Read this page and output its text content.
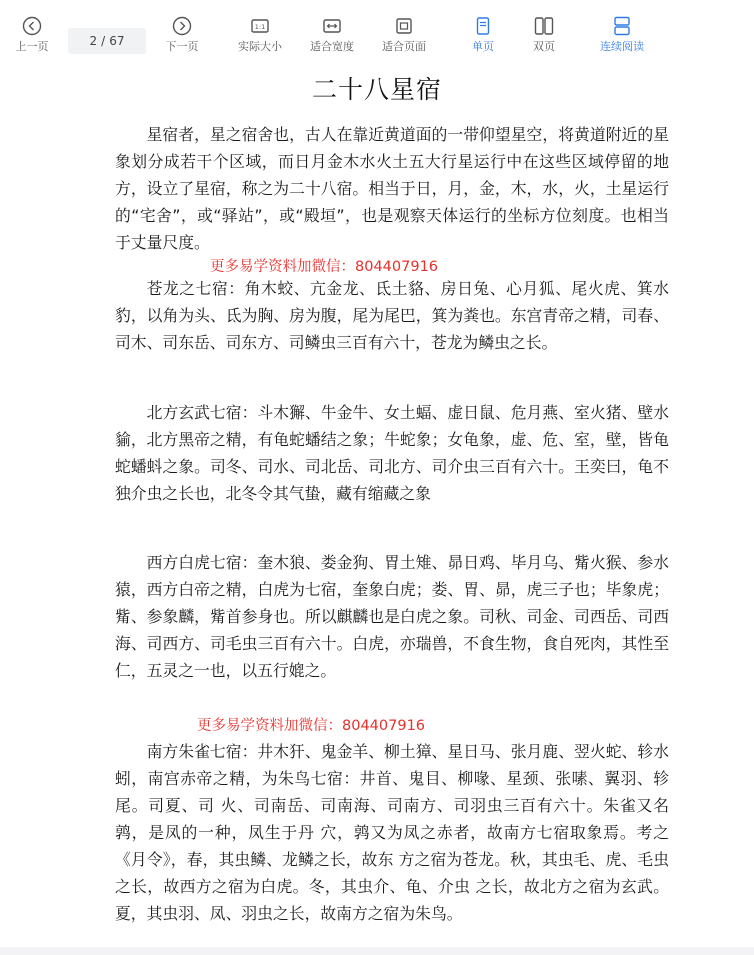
上一页	2 / 67	下一页
1:1
实际大小	适合宽度	适合页面	单页	双页	连续阅读
二十八星宿

星宿者，星之宿舍也，古人在靠近黄道面的一带仰望星空，将黄道附近的星象划分成若干个区域，而日月金木水火土五大行星运行中在这些区域停留的地方，设立了星宿，称之为二十八宿。相当于日，月，金，木，水，火，土星运行的“宅舍”，或“驿站”，或“殿垣”，也是观察天体运行的坐标方位刻度。也相当于丈量尺度。

更多易学资料加微信：804407916

苍龙之七宿：角木蛟、亢金龙、氐土貉、房日兔、心月狐、尾火虎、箕水豹，以角为头、氐为胸、房为腹，尾为尾巴，箕为粪也。东宫青帝之精，司春、司木、司东岳、司东方、司鳞虫三百有六十，苍龙为鳞虫之长。

北方玄武七宿：斗木獬、牛金牛、女土蝠、虚日鼠、危月燕、室火猪、壁水貐，北方黑帝之精，有龟蛇蟠结之象；牛蛇象；女龟象，虚、危、室，壁，皆龟蛇蟠蚪之象。司冬、司水、司北岳、司北方、司介虫三百有六十。王奕曰，龟不独介虫之长也，北冬令其气蛰，藏有缩藏之象

西方白虎七宿：奎木狼、娄金狗、胃土雉、昴日鸡、毕月乌、觜火猴、参水猿，西方白帝之精，白虎为七宿，奎象白虎；娄、胃、昴，虎三子也；毕象虎；觜、参象麟，觜首参身也。所以麒麟也是白虎之象。司秋、司金、司西岳、司西海、司西方、司毛虫三百有六十。白虎，亦瑞兽，不食生物，食自死肉，其性至仁，五灵之一也，以五行媲之。

更多易学资料加微信：804407916

南方朱雀七宿：井木犴、鬼金羊、柳土獐、星日马、张月鹿、翌火蛇、轸水蚓，南宫赤帝之精，为朱鸟七宿：井首、鬼目、柳喙、星颈、张嗉、翼羽、轸尾。司夏、司 火、司南岳、司南海、司南方、司羽虫三百有六十。朱雀又名鹑，是凤的一种，凤生于丹 穴，鹑又为凤之赤者，故南方七宿取象焉。考之《月令》，春，其虫鳞、龙鳞之长，故东 方之宿为苍龙。秋，其虫毛、虎、毛虫之长，故西方之宿为白虎。冬，其虫介、龟、介虫 之长，故北方之宿为玄武。夏，其虫羽、凤、羽虫之长，故南方之宿为朱鸟。
